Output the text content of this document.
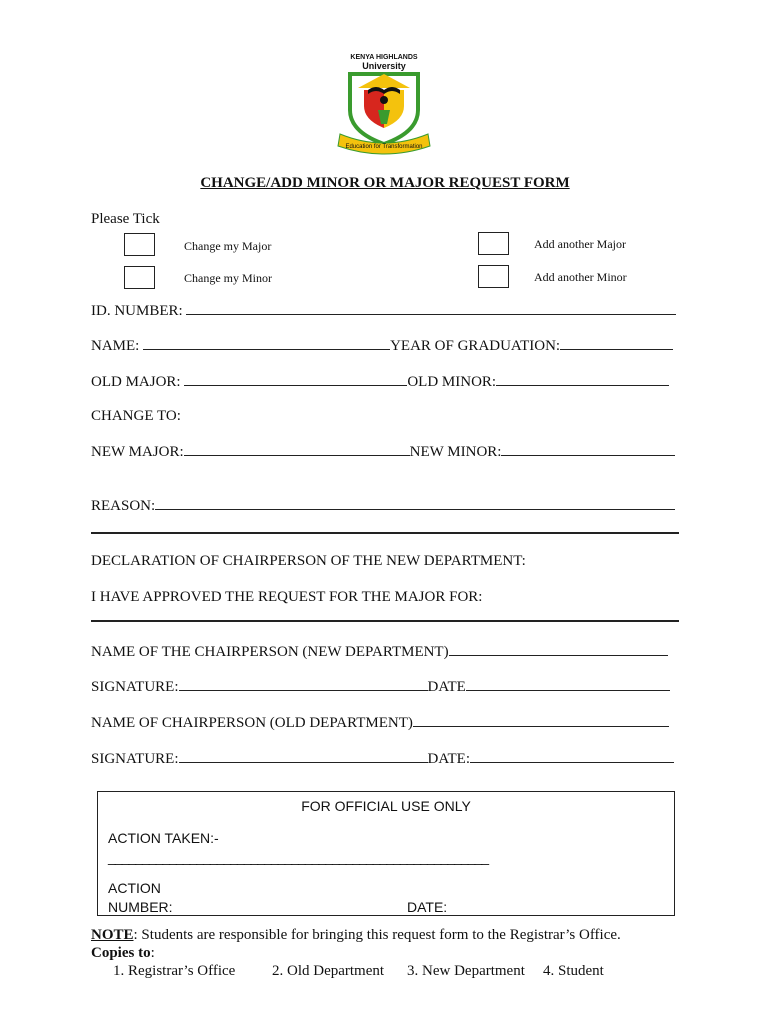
KENYA HIGHLANDS
University
Education for Transformation
CHANGE/ADD MINOR OR MAJOR REQUEST FORM
Please Tick
Change my Major	Add another Major
Change my Minor	Add another Minor
ID. NUMBER:
NAME:	YEAR OF GRADUATION:
OLD MAJOR:	OLD MINOR:
CHANGE TO:
NEW MAJOR:	NEW MINOR:
REASON:
DECLARATION OF CHAIRPERSON OF THE NEW DEPARTMENT:
I HAVE APPROVED THE REQUEST FOR THE MAJOR FOR:
NAME OF THE CHAIRPERSON (NEW DEPARTMENT)
SIGNATURE:	DATE
NAME OF CHAIRPERSON (OLD DEPARTMENT)
SIGNATURE:	DATE:
FOR OFFICIAL USE ONLY
ACTION TAKEN:-
________________________________________________________
ACTION
NUMBER:	DATE:
NOTE: Students are responsible for bringing this request form to the Registrar’s Office.
Copies to:
1. Registrar’s Office 2. Old Department 3. New Department 4. Student
